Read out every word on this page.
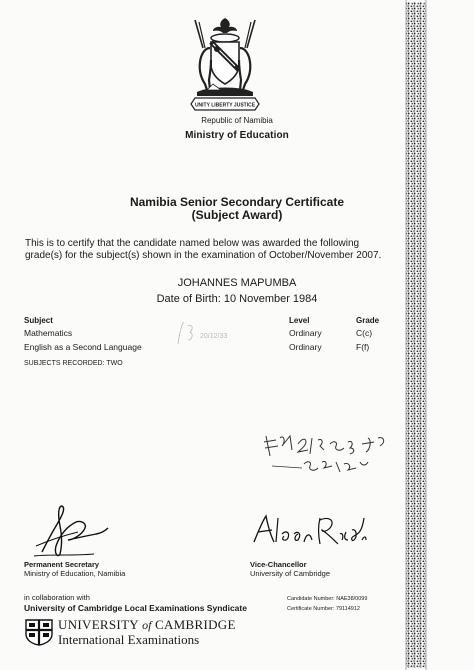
UNITY LIBERTY JUSTICE
Republic of Namibia
Ministry of Education
Namibia Senior Secondary Certificate
(Subject Award)
This is to certify that the candidate named below was awarded the following
grade(s) for the subject(s) shown in the examination of October/November 2007.
JOHANNES MAPUMBA
Date of Birth: 10 November 1984
20/12/33
Subject	Level	Grade
Mathematics	Ordinary	C(c)
English as a Second Language	Ordinary	F(f)
SUBJECTS RECORDED: TWO
Permanent Secretary
Ministry of Education, Namibia
Vice-Chancellor
University of Cambridge
in collaboration with
University of Cambridge Local Examinations Syndicate
Candidate Number: NAE38/0099
Certificate Number: 79114912
UNIVERSITY of CAMBRIDGE
International Examinations
